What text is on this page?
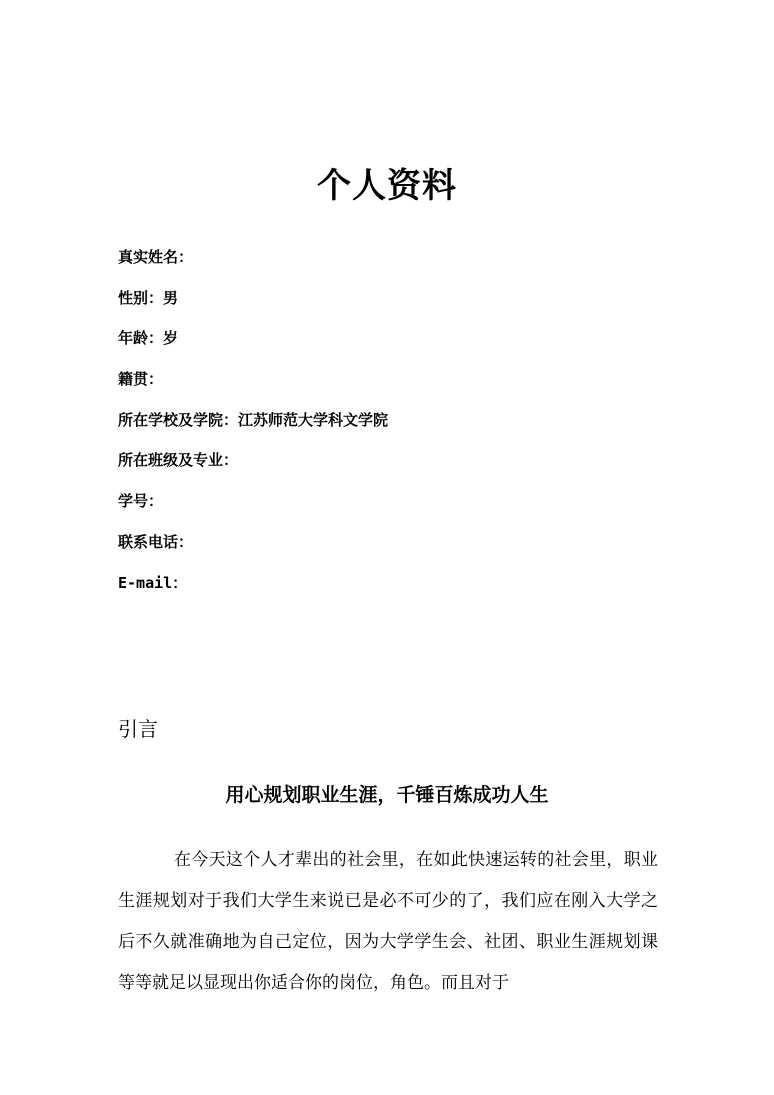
个人资料
真实姓名：
性别：男
年龄：岁
籍贯：
所在学校及学院：江苏师范大学科文学院
所在班级及专业：
学号：
联系电话：
E-mail：
引言
用心规划职业生涯，千锤百炼成功人生

在今天这个人才辈出的社会里，在如此快速运转的社会里，职业生涯规划对于我们大学生来说已是必不可少的了，我们应在刚入大学之后不久就准确地为自己定位，因为大学学生会、社团、职业生涯规划课等等就足以显现出你适合你的岗位，角色。而且对于
